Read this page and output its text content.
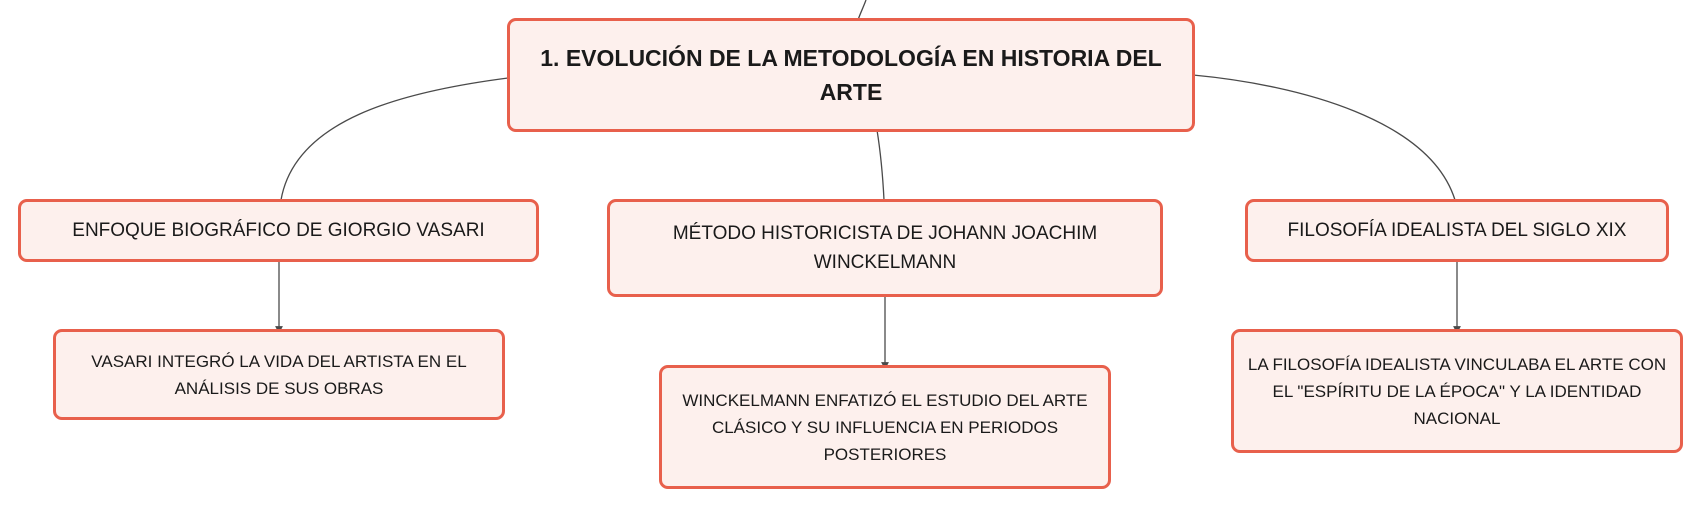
1. EVOLUCIÓN DE LA METODOLOGÍA EN HISTORIA DEL ARTE
ENFOQUE BIOGRÁFICO DE GIORGIO VASARI	MÉTODO HISTORICISTA DE JOHANN JOACHIM WINCKELMANN
FILOSOFÍA IDEALISTA DEL SIGLO XIX
VASARI INTEGRÓ LA VIDA DEL ARTISTA EN EL ANÁLISIS DE SUS OBRAS
WINCKELMANN ENFATIZÓ EL ESTUDIO DEL ARTE CLÁSICO Y SU INFLUENCIA EN PERIODOS POSTERIORES
LA FILOSOFÍA IDEALISTA VINCULABA EL ARTE CON EL "ESPÍRITU DE LA ÉPOCA" Y LA IDENTIDAD NACIONAL
